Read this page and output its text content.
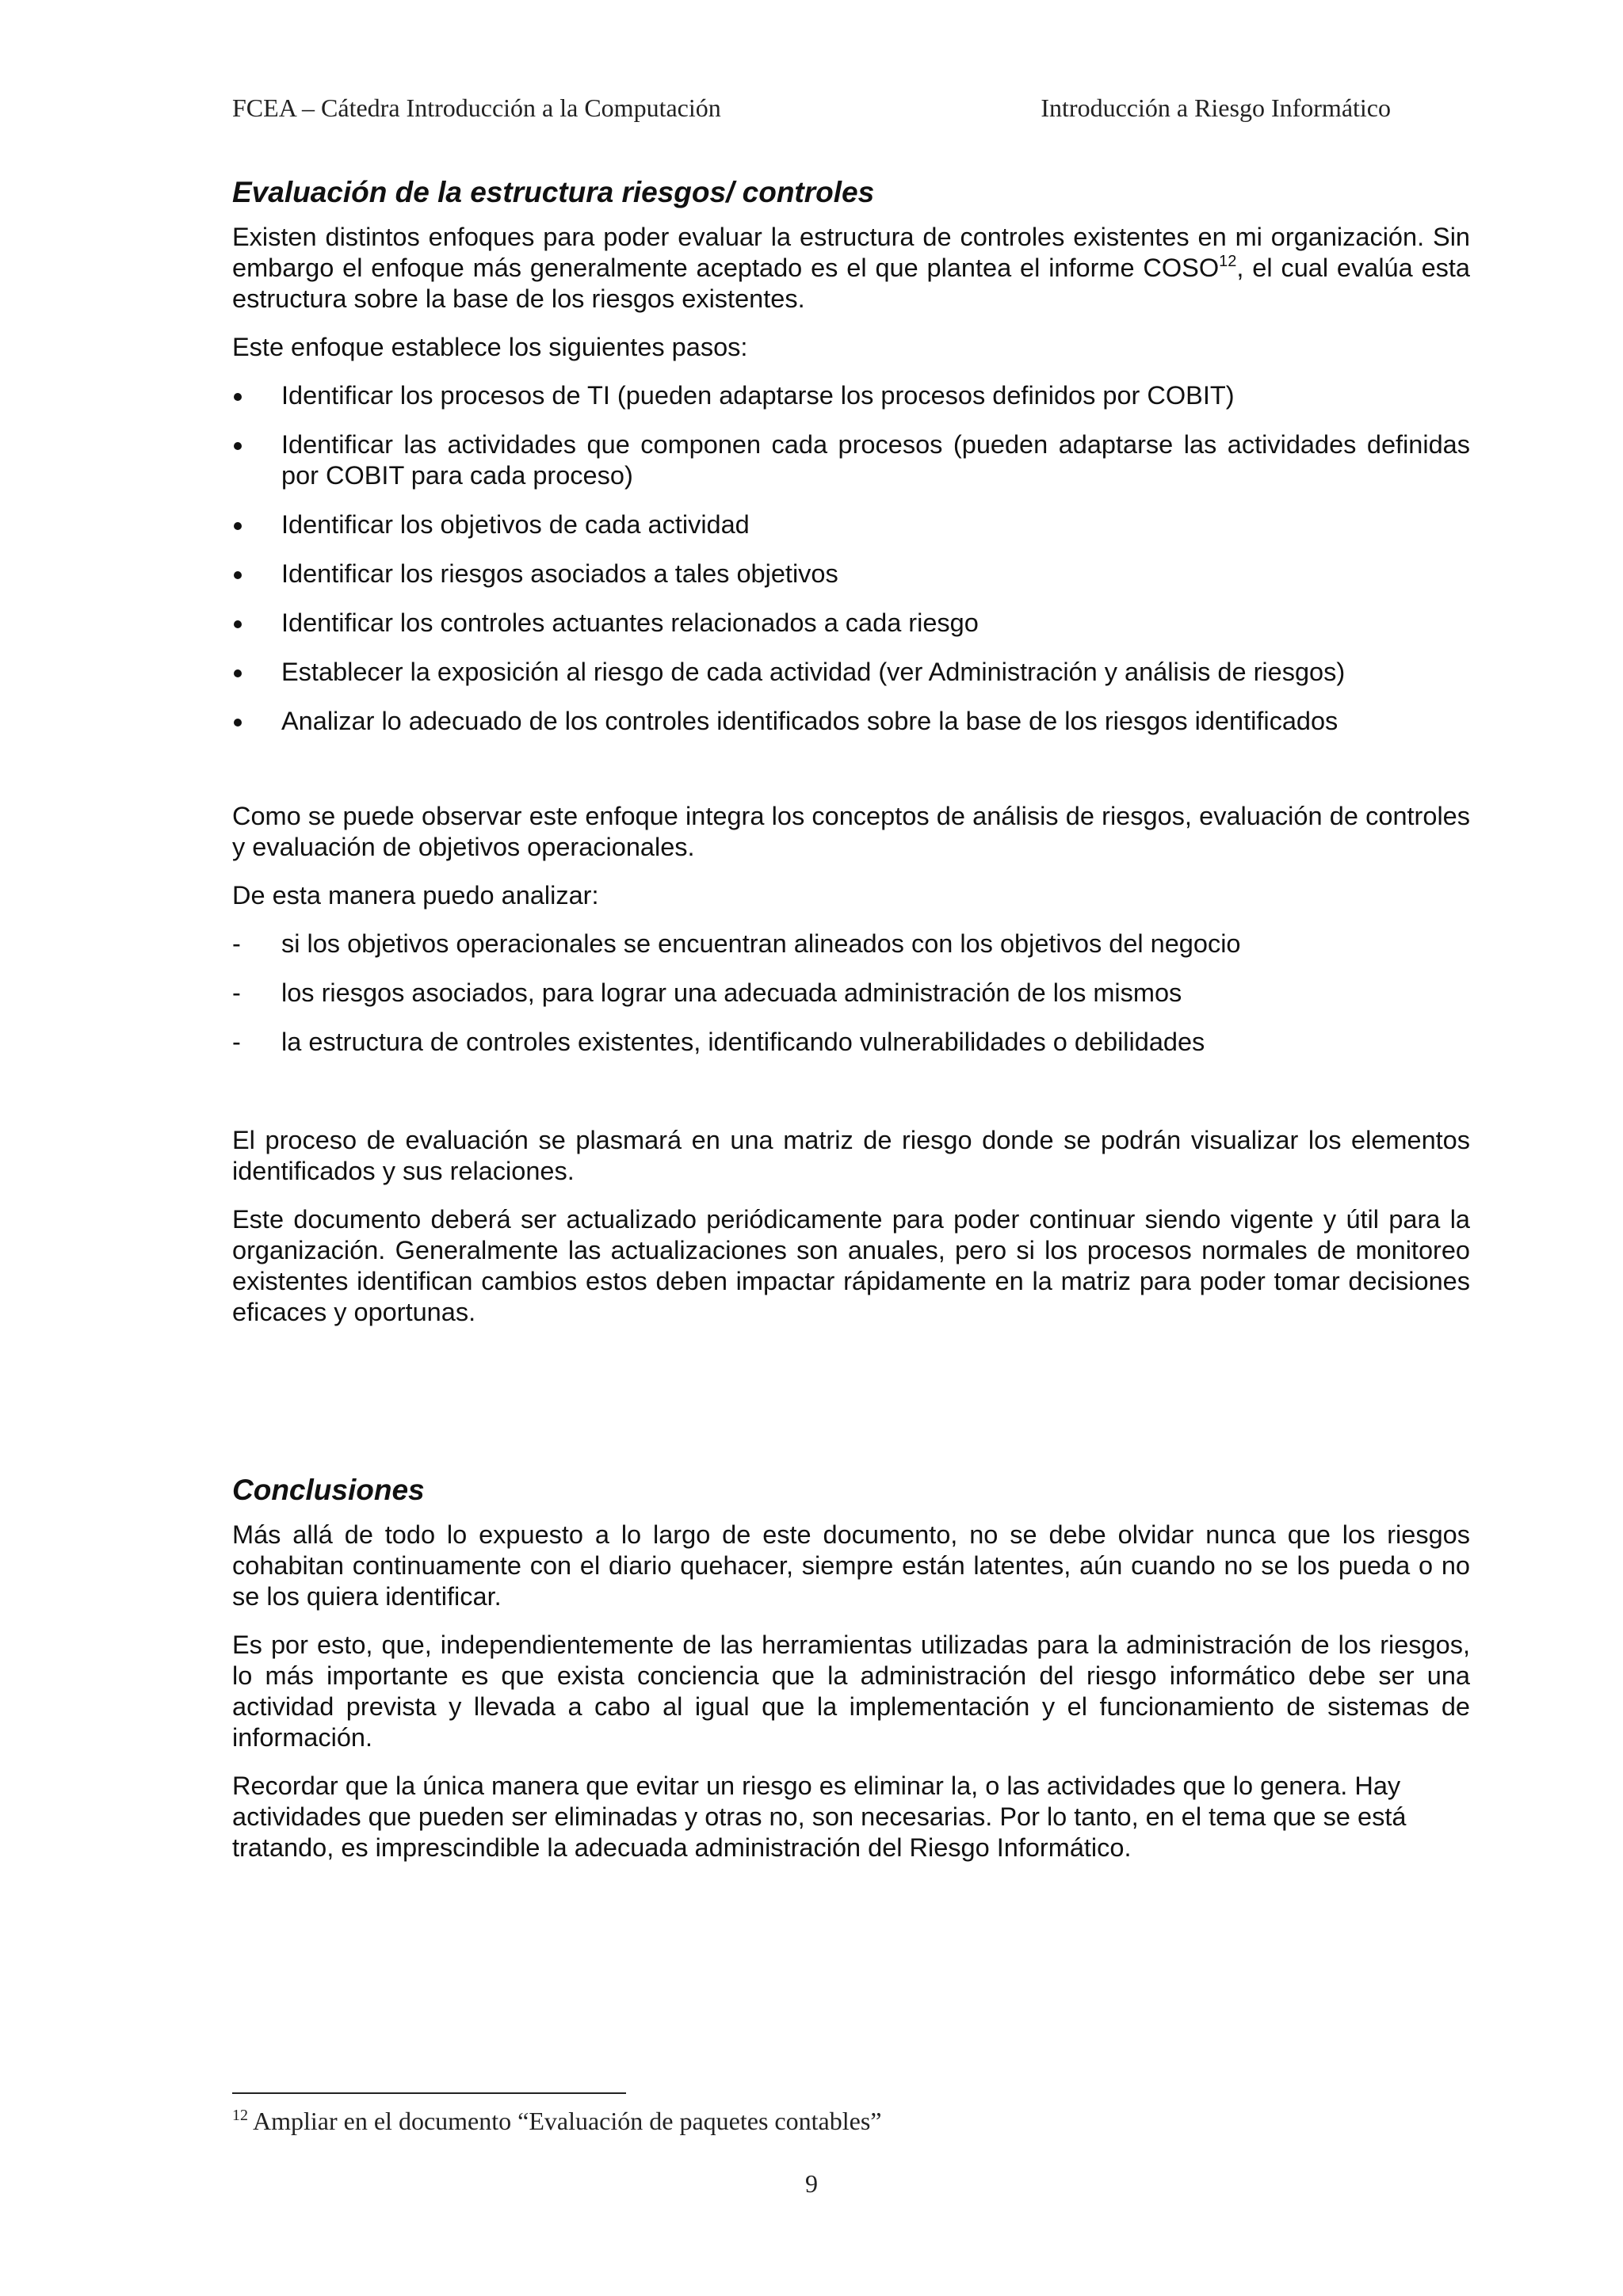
FCEA – Cátedra Introducción a la Computación	Introducción a Riesgo Informático
Evaluación de la estructura riesgos/ controles

Existen distintos enfoques para poder evaluar la estructura de controles existentes en mi organización. Sin embargo el enfoque más generalmente aceptado es el que plantea el informe COSO$^{12}$, el cual evalúa esta estructura sobre la base de los riesgos existentes.

Este enfoque establece los siguientes pasos:

Identificar los procesos de TI (pueden adaptarse los procesos definidos por COBIT)
Identificar las actividades que componen cada procesos (pueden adaptarse las actividades definidas por COBIT para cada proceso)
Identificar los objetivos de cada actividad
Identificar los riesgos asociados a tales objetivos
Identificar los controles actuantes relacionados a cada riesgo
Establecer la exposición al riesgo de cada actividad (ver Administración y análisis de riesgos)
Analizar lo adecuado de los controles identificados sobre la base de los riesgos identificados

Como se puede observar este enfoque integra los conceptos de análisis de riesgos, evaluación de controles y evaluación de objetivos operacionales.

De esta manera puedo analizar:

-	si los objetivos operacionales se encuentran alineados con los objetivos del negocio
-	los riesgos asociados, para lograr una adecuada administración de los mismos
-	la estructura de controles existentes, identificando vulnerabilidades o debilidades

El proceso de evaluación se plasmará en una matriz de riesgo donde se podrán visualizar los elementos identificados y sus relaciones.

Este documento deberá ser actualizado periódicamente para poder continuar siendo vigente y útil para la organización. Generalmente las actualizaciones son anuales, pero si los procesos normales de monitoreo existentes identifican cambios estos deben impactar rápidamente en la matriz para poder tomar decisiones eficaces y oportunas.

Conclusiones

Más allá de todo lo expuesto a lo largo de este documento, no se debe olvidar nunca que los riesgos cohabitan continuamente con el diario quehacer, siempre están latentes, aún cuando no se los pueda o no se los quiera identificar.

Es por esto, que, independientemente de las herramientas utilizadas para la administración de los riesgos, lo más importante es que exista conciencia que la administración del riesgo informático debe ser una actividad prevista y llevada a cabo al igual que la implementación y el funcionamiento de sistemas de información.

Recordar que la única manera que evitar un riesgo es eliminar la, o las actividades que lo genera. Hay actividades que pueden ser eliminadas y otras no, son necesarias. Por lo tanto, en el tema que se está tratando, es imprescindible la adecuada administración del Riesgo Informático.

$^{12}$ Ampliar en el documento “Evaluación de paquetes contables”
9
